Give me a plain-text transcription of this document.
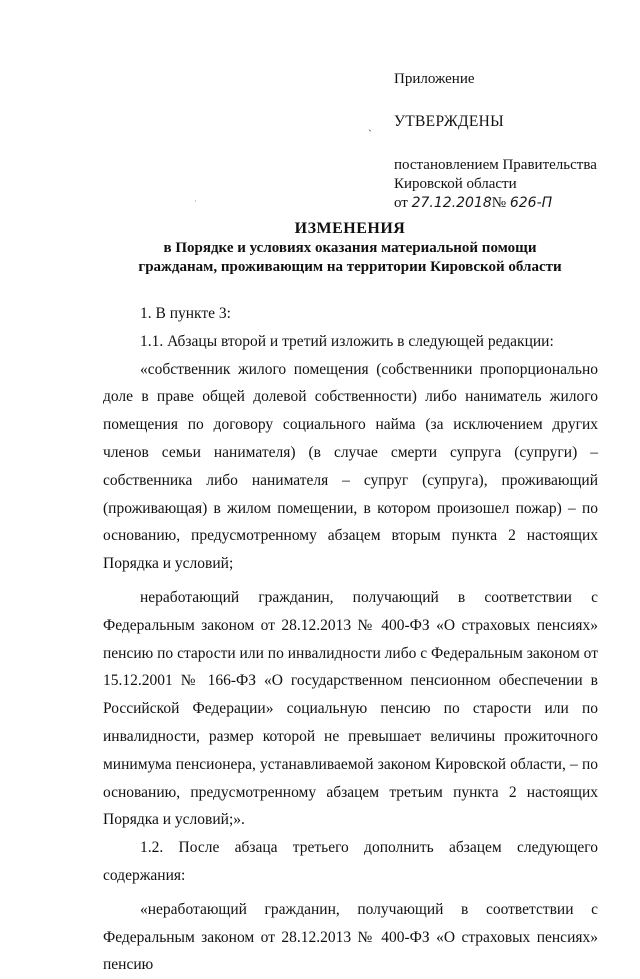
Приложение

УТВЕРЖДЕНЫ

постановлением Правительства
Кировской области
от 27.12.2018№ 626-П
ˎ
·
ИЗМЕНЕНИЯ
в Порядке и условиях оказания материальной помощи
гражданам, проживающим на территории Кировской области

1. В пункте 3:

1.1. Абзацы второй и третий изложить в следующей редакции:

«собственник жилого помещения (собственники пропорционально доле в праве общей долевой собственности) либо наниматель жилого помещения по договору социального найма (за исключением других членов семьи нанимателя) (в случае смерти супруга (супруги) – собственника либо нанимателя – супруг (супруга), проживающий (проживающая) в жилом помещении, в котором произошел пожар) – по основанию, предусмотренному абзацем вторым пункта 2 настоящих Порядка и условий;

неработающий гражданин, получающий в соответствии с Федеральным законом от 28.12.2013 № 400-ФЗ «О страховых пенсиях» пенсию по старости или по инвалидности либо с Федеральным законом от 15.12.2001 № 166-ФЗ «О государственном пенсионном обеспечении в Российской Федерации» социальную пенсию по старости или по инвалидности, размер которой не превышает величины прожиточного минимума пенсионера, устанавливаемой законом Кировской области, – по основанию, предусмотренному абзацем третьим пункта 2 настоящих Порядка и условий;».

1.2. После абзаца третьего дополнить абзацем следующего содержания:

«неработающий гражданин, получающий в соответствии с Федеральным законом от 28.12.2013 № 400-ФЗ «О страховых пенсиях» пенсию
